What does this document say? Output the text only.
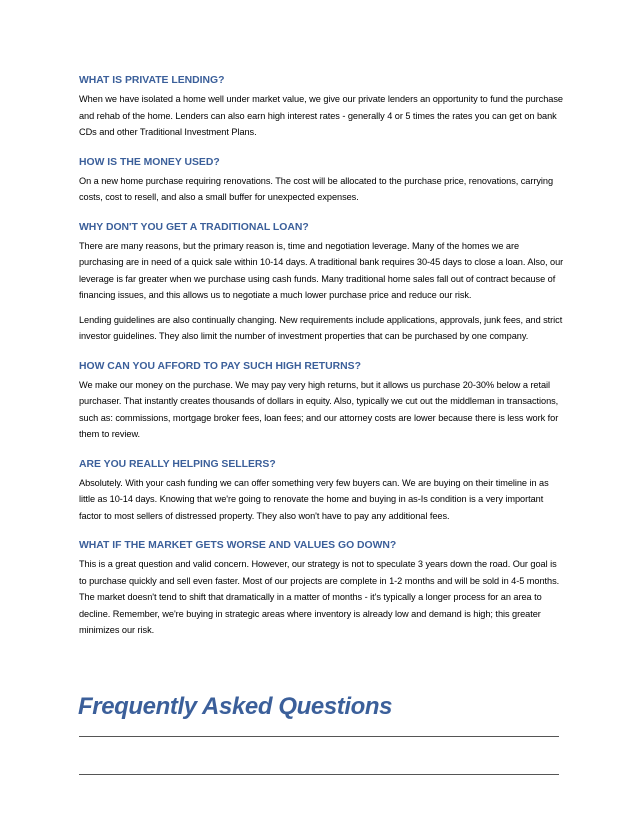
WHAT IS PRIVATE LENDING?

When we have isolated a home well under market value, we give our private lenders an opportunity to fund the purchase and rehab of the home. Lenders can also earn high interest rates - generally 4 or 5 times the rates you can get on bank CDs and other Traditional Investment Plans.

HOW IS THE MONEY USED?

On a new home purchase requiring renovations. The cost will be allocated to the purchase price, renovations, carrying costs, cost to resell, and also a small buffer for unexpected expenses.

WHY DON'T YOU GET A TRADITIONAL LOAN?

There are many reasons, but the primary reason is, time and negotiation leverage. Many of the homes we are purchasing are in need of a quick sale within 10-14 days. A traditional bank requires 30-45 days to close a loan. Also, our leverage is far greater when we purchase using cash funds. Many traditional home sales fall out of contract because of financing issues, and this allows us to negotiate a much lower purchase price and reduce our risk.

Lending guidelines are also continually changing. New requirements include applications, approvals, junk fees, and strict investor guidelines. They also limit the number of investment properties that can be purchased by one company.

HOW CAN YOU AFFORD TO PAY SUCH HIGH RETURNS?

We make our money on the purchase. We may pay very high returns, but it allows us purchase 20-30% below a retail purchaser. That instantly creates thousands of dollars in equity. Also, typically we cut out the middleman in transactions, such as: commissions, mortgage broker fees, loan fees; and our attorney costs are lower because there is less work for them to review.

ARE YOU REALLY HELPING SELLERS?

Absolutely. With your cash funding we can offer something very few buyers can. We are buying on their timeline in as little as 10-14 days. Knowing that we're going to renovate the home and buying in as-Is condition is a very important factor to most sellers of distressed property. They also won't have to pay any additional fees.

WHAT IF THE MARKET GETS WORSE AND VALUES GO DOWN?

This is a great question and valid concern. However, our strategy is not to speculate 3 years down the road. Our goal is to purchase quickly and sell even faster. Most of our projects are complete in 1-2 months and will be sold in 4-5 months. The market doesn't tend to shift that dramatically in a matter of months - it's typically a longer process for an area to decline. Remember, we're buying in strategic areas where inventory is already low and demand is high; this greater minimizes our risk.

Frequently Asked Questions
